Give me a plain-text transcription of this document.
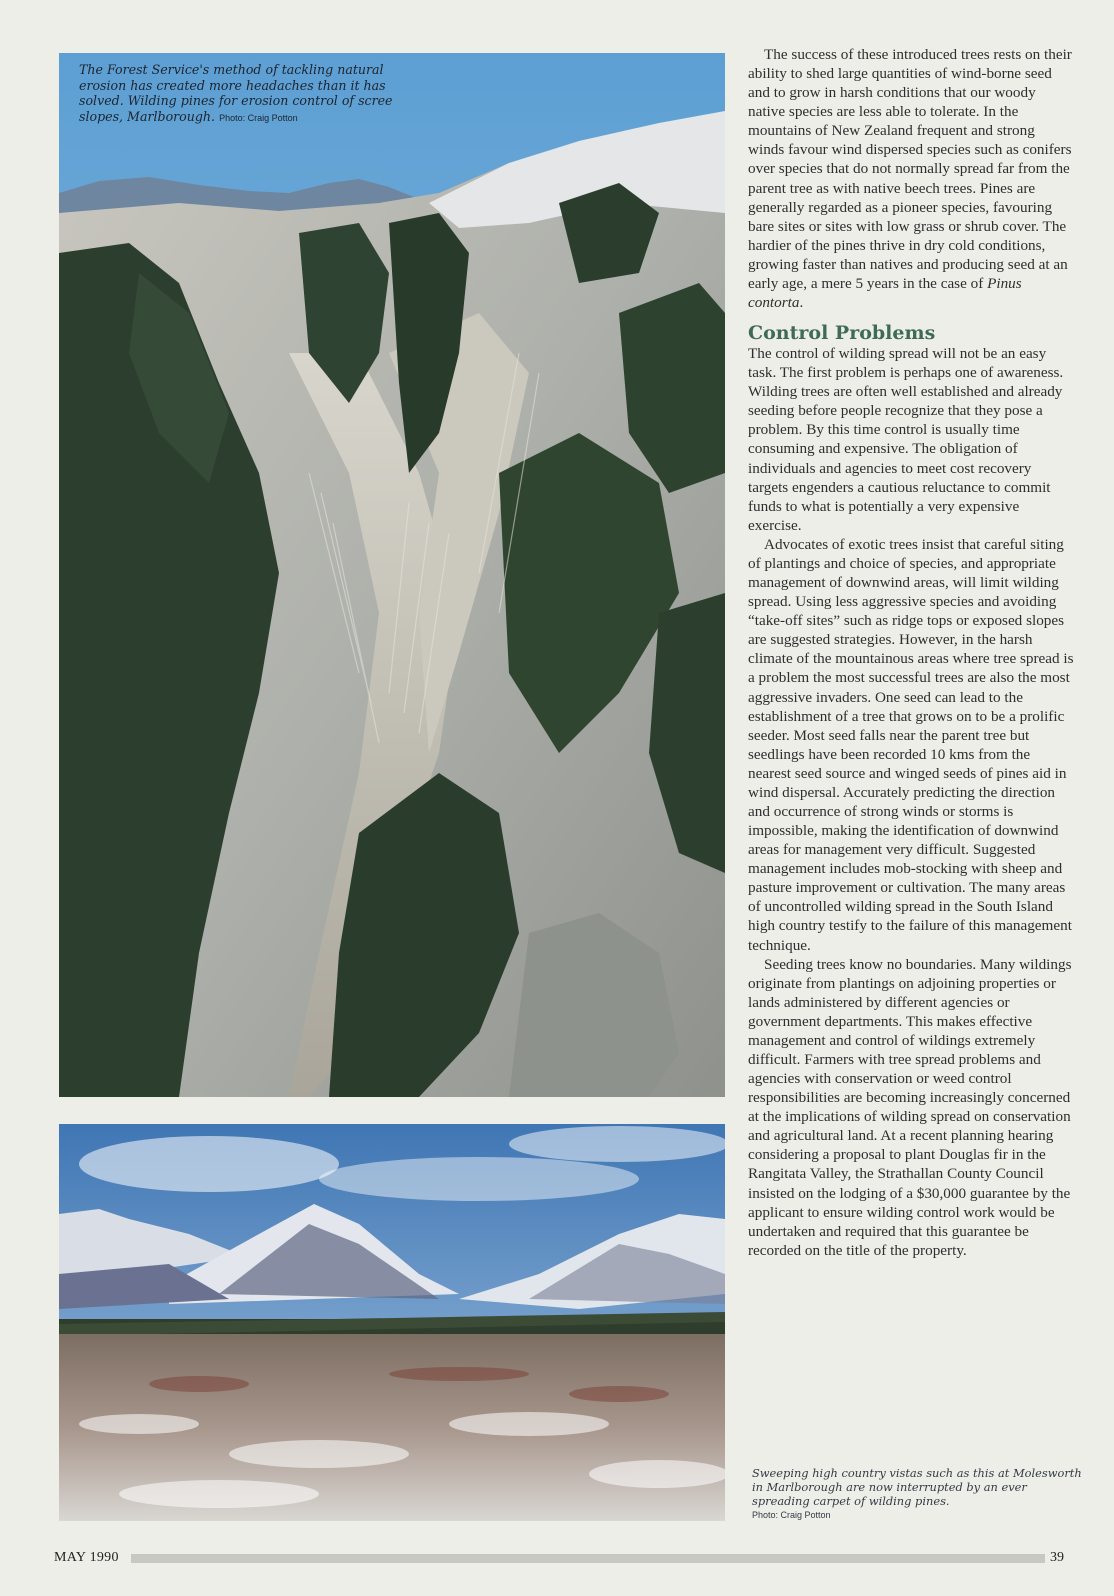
The Forest Service's method of tackling natural erosion has created more headaches than it has solved. Wilding pines for erosion control of scree slopes, Marlborough. Photo: Craig Potton

The success of these introduced trees rests on their ability to shed large quantities of wind-borne seed and to grow in harsh conditions that our woody native species are less able to tolerate. In the mountains of New Zealand frequent and strong winds favour wind dispersed species such as conifers over species that do not normally spread far from the parent tree as with native beech trees. Pines are generally regarded as a pioneer species, favouring bare sites or sites with low grass or shrub cover. The hardier of the pines thrive in dry cold conditions, growing faster than natives and producing seed at an early age, a mere 5 years in the case of Pinus contorta.

Control Problems

The control of wilding spread will not be an easy task. The first problem is perhaps one of awareness. Wilding trees are often well established and already seeding before people recognize that they pose a problem. By this time control is usually time consuming and expensive. The obligation of individuals and agencies to meet cost recovery targets engenders a cautious reluctance to commit funds to what is potentially a very expensive exercise.

Advocates of exotic trees insist that careful siting of plantings and choice of species, and appropriate management of downwind areas, will limit wilding spread. Using less aggressive species and avoiding “take-off sites” such as ridge tops or exposed slopes are suggested strategies. However, in the harsh climate of the mountainous areas where tree spread is a problem the most successful trees are also the most aggressive invaders. One seed can lead to the establishment of a tree that grows on to be a prolific seeder. Most seed falls near the parent tree but seedlings have been recorded 10 kms from the nearest seed source and winged seeds of pines aid in wind dispersal. Accurately predicting the direction and occurrence of strong winds or storms is impossible, making the identification of downwind areas for management very difficult. Suggested management includes mob-stocking with sheep and pasture improvement or cultivation. The many areas of uncontrolled wilding spread in the South Island high country testify to the failure of this management technique.

Seeding trees know no boundaries. Many wildings originate from plantings on adjoining properties or lands administered by different agencies or government departments. This makes effective management and control of wildings extremely difficult. Farmers with tree spread problems and agencies with conservation or weed control responsibilities are becoming increasingly concerned at the implications of wilding spread on conservation and agricultural land. At a recent planning hearing considering a proposal to plant Douglas fir in the Rangitata Valley, the Strathallan County Council insisted on the lodging of a $30,000 guarantee by the applicant to ensure wilding control work would be undertaken and required that this guarantee be recorded on the title of the property.

Sweeping high country vistas such as this at Molesworth in Marlborough are now interrupted by an ever spreading carpet of wilding pines.
Photo: Craig Potton
MAY 1990	39
